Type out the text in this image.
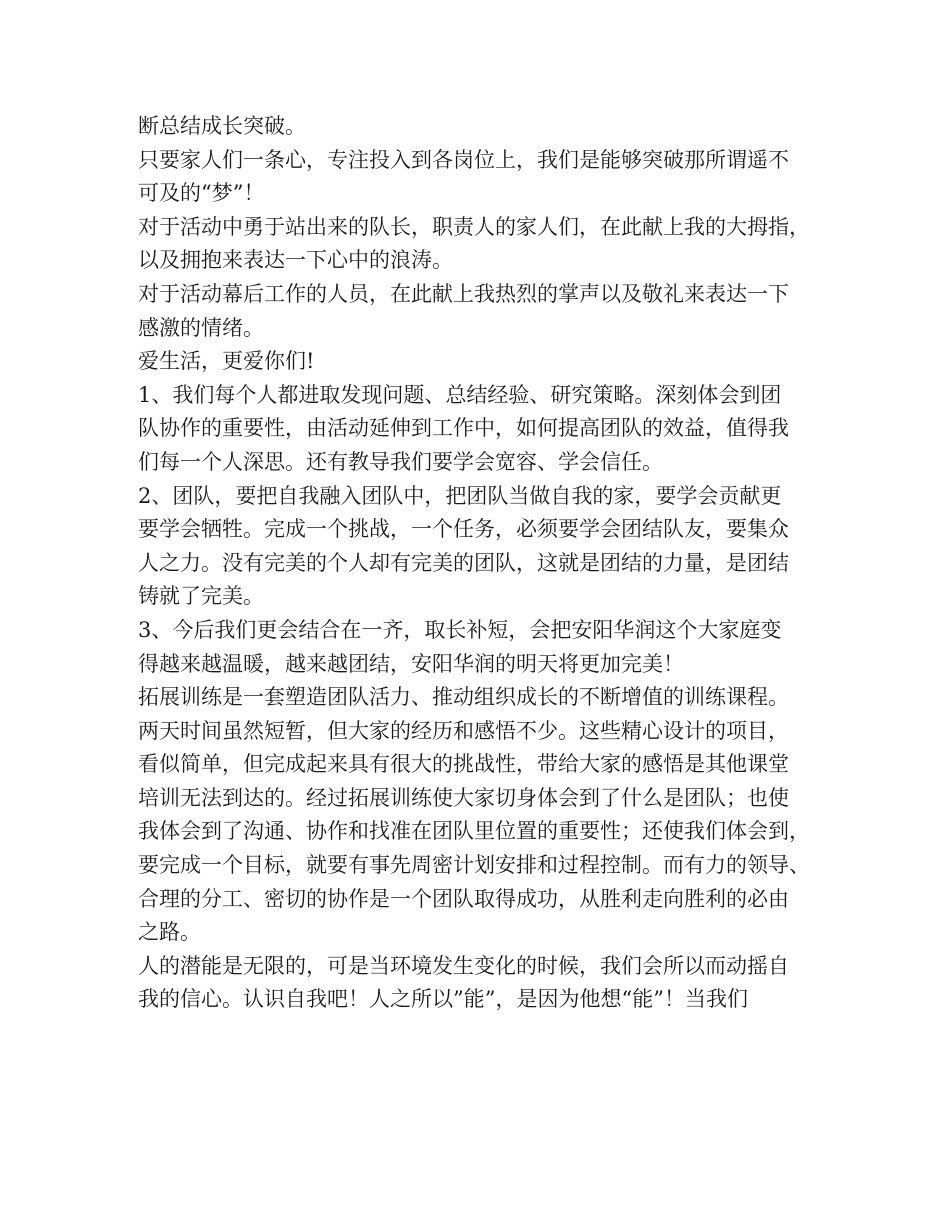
断总结成长突破。
只要家人们一条心，专注投入到各岗位上，我们是能够突破那所谓遥不
可及的“梦”！
对于活动中勇于站出来的队长，职责人的家人们，在此献上我的大拇指，
以及拥抱来表达一下心中的浪涛。
对于活动幕后工作的人员，在此献上我热烈的掌声以及敬礼来表达一下
感激的情绪。
爱生活，更爱你们!
1、我们每个人都进取发现问题、总结经验、研究策略。深刻体会到团
队协作的重要性，由活动延伸到工作中，如何提高团队的效益，值得我
们每一个人深思。还有教导我们要学会宽容、学会信任。
2、团队，要把自我融入团队中，把团队当做自我的家，要学会贡献更
要学会牺牲。完成一个挑战，一个任务，必须要学会团结队友，要集众
人之力。没有完美的个人却有完美的团队，这就是团结的力量，是团结
铸就了完美。
3、今后我们更会结合在一齐，取长补短，会把安阳华润这个大家庭变
得越来越温暖，越来越团结，安阳华润的明天将更加完美！
拓展训练是一套塑造团队活力、推动组织成长的不断增值的训练课程。
两天时间虽然短暂，但大家的经历和感悟不少。这些精心设计的项目，
看似简单，但完成起来具有很大的挑战性，带给大家的感悟是其他课堂
培训无法到达的。经过拓展训练使大家切身体会到了什么是团队；也使
我体会到了沟通、协作和找准在团队里位置的重要性；还使我们体会到，
要完成一个目标，就要有事先周密计划安排和过程控制。而有力的领导、
合理的分工、密切的协作是一个团队取得成功，从胜利走向胜利的必由
之路。
人的潜能是无限的，可是当环境发生变化的时候，我们会所以而动摇自
我的信心。认识自我吧！人之所以”能”，是因为他想“能”！当我们
